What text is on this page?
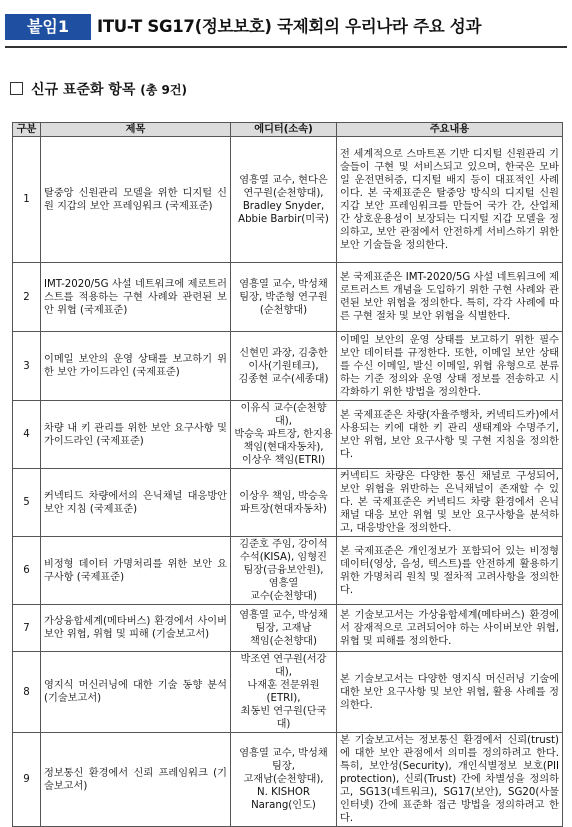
붙임1	ITU-T SG17(정보보호) 국제회의 우리나라 주요 성과
신규 표준화 항목 (총 9건)
구분	제목	에디터(소속)	주요내용
1	탈중앙 신원관리 모델을 위한 디지털 신원 지갑의 보안 프레임워크 (국제표준)	염흥열 교수, 현다은
연구원(순천향대),
Bradley Snyder,
Abbie Barbir(미국)	전 세계적으로 스마트폰 기반 디지털 신원관리 기술들이 구현 및 서비스되고 있으며, 한국은 모바일 운전면허증, 디지털 배지 등이 대표적인 사례이다. 본 국제표준은 탈중앙 방식의 디지털 신원 지갑 보안 프레임워크를 만들어 국가 간, 산업체 간 상호운용성이 보장되는 디지털 지갑 모델을 정의하고, 보안 관점에서 안전하게 서비스하기 위한 보안 기술들을 정의한다.
2	IMT-2020/5G 사설 네트워크에 제로트러스트를 적용하는 구현 사례와 관련된 보안 위협 (국제표준)	염흥열 교수, 박성채
팀장, 박준형 연구원
(순천향대)	본 국제표준은 IMT-2020/5G 사설 네트워크에 제로트러스트 개념을 도입하기 위한 구현 사례와 관련된 보안 위협을 정의한다. 특히, 각각 사례에 따른 구현 절차 및 보안 위협을 식별한다.
3	이메일 보안의 운영 상태를 보고하기 위한 보안 가이드라인 (국제표준)	신현민 과장, 김충한
이사(기원테크),
김종현 교수(세종대)	이메일 보안의 운영 상태를 보고하기 위한 필수 보안 데이터를 규정한다. 또한, 이메일 보안 상태를 수신 이메일, 발신 이메일, 위협 유형으로 분류하는 기준 정의와 운영 상태 정보를 전송하고 시각화하기 위한 방법을 정의한다.
4	차량 내 키 관리를 위한 보안 요구사항 및 가이드라인 (국제표준)	이유식 교수(순천향대),
박승욱 파트장, 한지용
책임(현대자동차),
이상우 책임(ETRI)	본 국제표준은 차량(자율주행차, 커넥티드카)에서 사용되는 키에 대한 키 관리 생태계와 수명주기, 보안 위협, 보안 요구사항 및 구현 지침을 정의한다.
5	커넥티드 차량에서의 은닉채널 대응방안 보안 지침 (국제표준)	이상우 책임, 박승욱
파트장(현대자동차)	커넥티드 차량은 다양한 통신 채널로 구성되어, 보안 위협을 위반하는 은닉채널이 존재할 수 있다. 본 국제표준은 커넥티드 차량 환경에서 은닉채널 대응 보안 위협 및 보안 요구사항을 분석하고, 대응방안을 정의한다.
6	비정형 데이터 가명처리를 위한 보안 요구사항 (국제표준)	김준호 주임, 강이석
수석(KISA), 임형진
팀장(금융보안원),
염흥열
교수(순천향대)	본 국제표준은 개인정보가 포함되어 있는 비정형 데이터(영상, 음성, 텍스트)를 안전하게 활용하기 위한 가명처리 원칙 및 절차적 고려사항을 정의한다.
7	가상융합세계(메타버스) 환경에서 사이버보안 위협, 위협 및 피해 (기술보고서)	염흥열 교수, 박성채
팀장, 고재남
책임(순천향대)	본 기술보고서는 가상융합세계(메타버스) 환경에서 잠재적으로 고려되어야 하는 사이버보안 위협, 위협 및 피해를 정의한다.
8	영지식 머신러닝에 대한 기술 동향 분석 (기술보고서)	박조연 연구원(서강대),
나재훈 전문위원(ETRI),
최동빈 연구원(단국대)	본 기술보고서는 다양한 영지식 머신러닝 기술에 대한 보안 요구사항 및 보안 위협, 활용 사례를 정의한다.
9	정보통신 환경에서 신뢰 프레임워크 (기술보고서)	염흥열 교수, 박성채
팀장,
고재남(순천향대),
N. KISHOR
Narang(인도)	본 기술보고서는 정보통신 환경에서 신뢰(trust)에 대한 보안 관점에서 의미를 정의하려고 한다. 특히, 보안성(Security), 개인식별정보 보호(PII protection), 신뢰(Trust) 간에 차별성을 정의하고, SG13(네트워크), SG17(보안), SG20(사물인터넷) 간에 표준화 접근 방법을 정의하려고 한다.
